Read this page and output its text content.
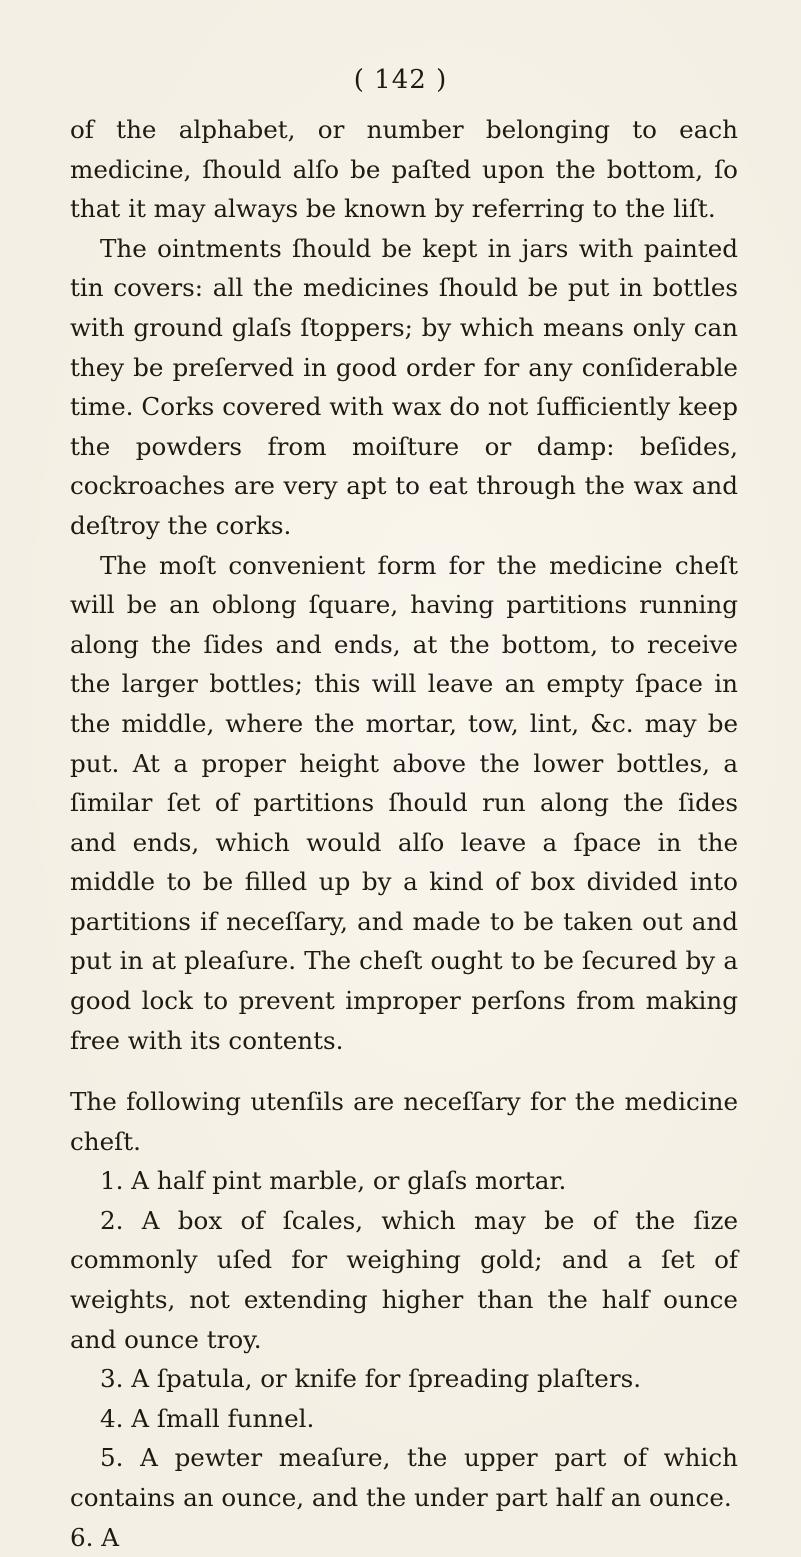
( 142 )

of the alphabet, or number belonging to each medicine, ſhould alſo be paſted upon the bottom, ſo that it may always be known by referring to the liſt.

The ointments ſhould be kept in jars with painted tin covers: all the medicines ſhould be put in bottles with ground glaſs ſtoppers; by which means only can they be preſerved in good order for any conſiderable time. Corks covered with wax do not ſufficiently keep the powders from moiſture or damp: beſides, cockroaches are very apt to eat through the wax and deſtroy the corks.

The moſt convenient form for the medicine cheſt will be an oblong ſquare, having partitions running along the ſides and ends, at the bottom, to receive the larger bottles; this will leave an empty ſpace in the middle, where the mortar, tow, lint, &c. may be put. At a proper height above the lower bottles, a ſimilar ſet of partitions ſhould run along the ſides and ends, which would alſo leave a ſpace in the middle to be filled up by a kind of box divided into partitions if neceſſary, and made to be taken out and put in at pleaſure. The cheſt ought to be ſecured by a good lock to prevent improper perſons from making free with its contents.

The following utenſils are neceſſary for the medicine cheſt.

1. A half pint marble, or glaſs mortar.

2. A box of ſcales, which may be of the ſize commonly uſed for weighing gold; and a ſet of weights, not extending higher than the half ounce and ounce troy.

3. A ſpatula, or knife for ſpreading plaſters.

4. A ſmall funnel.

5. A pewter meaſure, the upper part of which contains an ounce, and the under part half an ounce.

6. A
